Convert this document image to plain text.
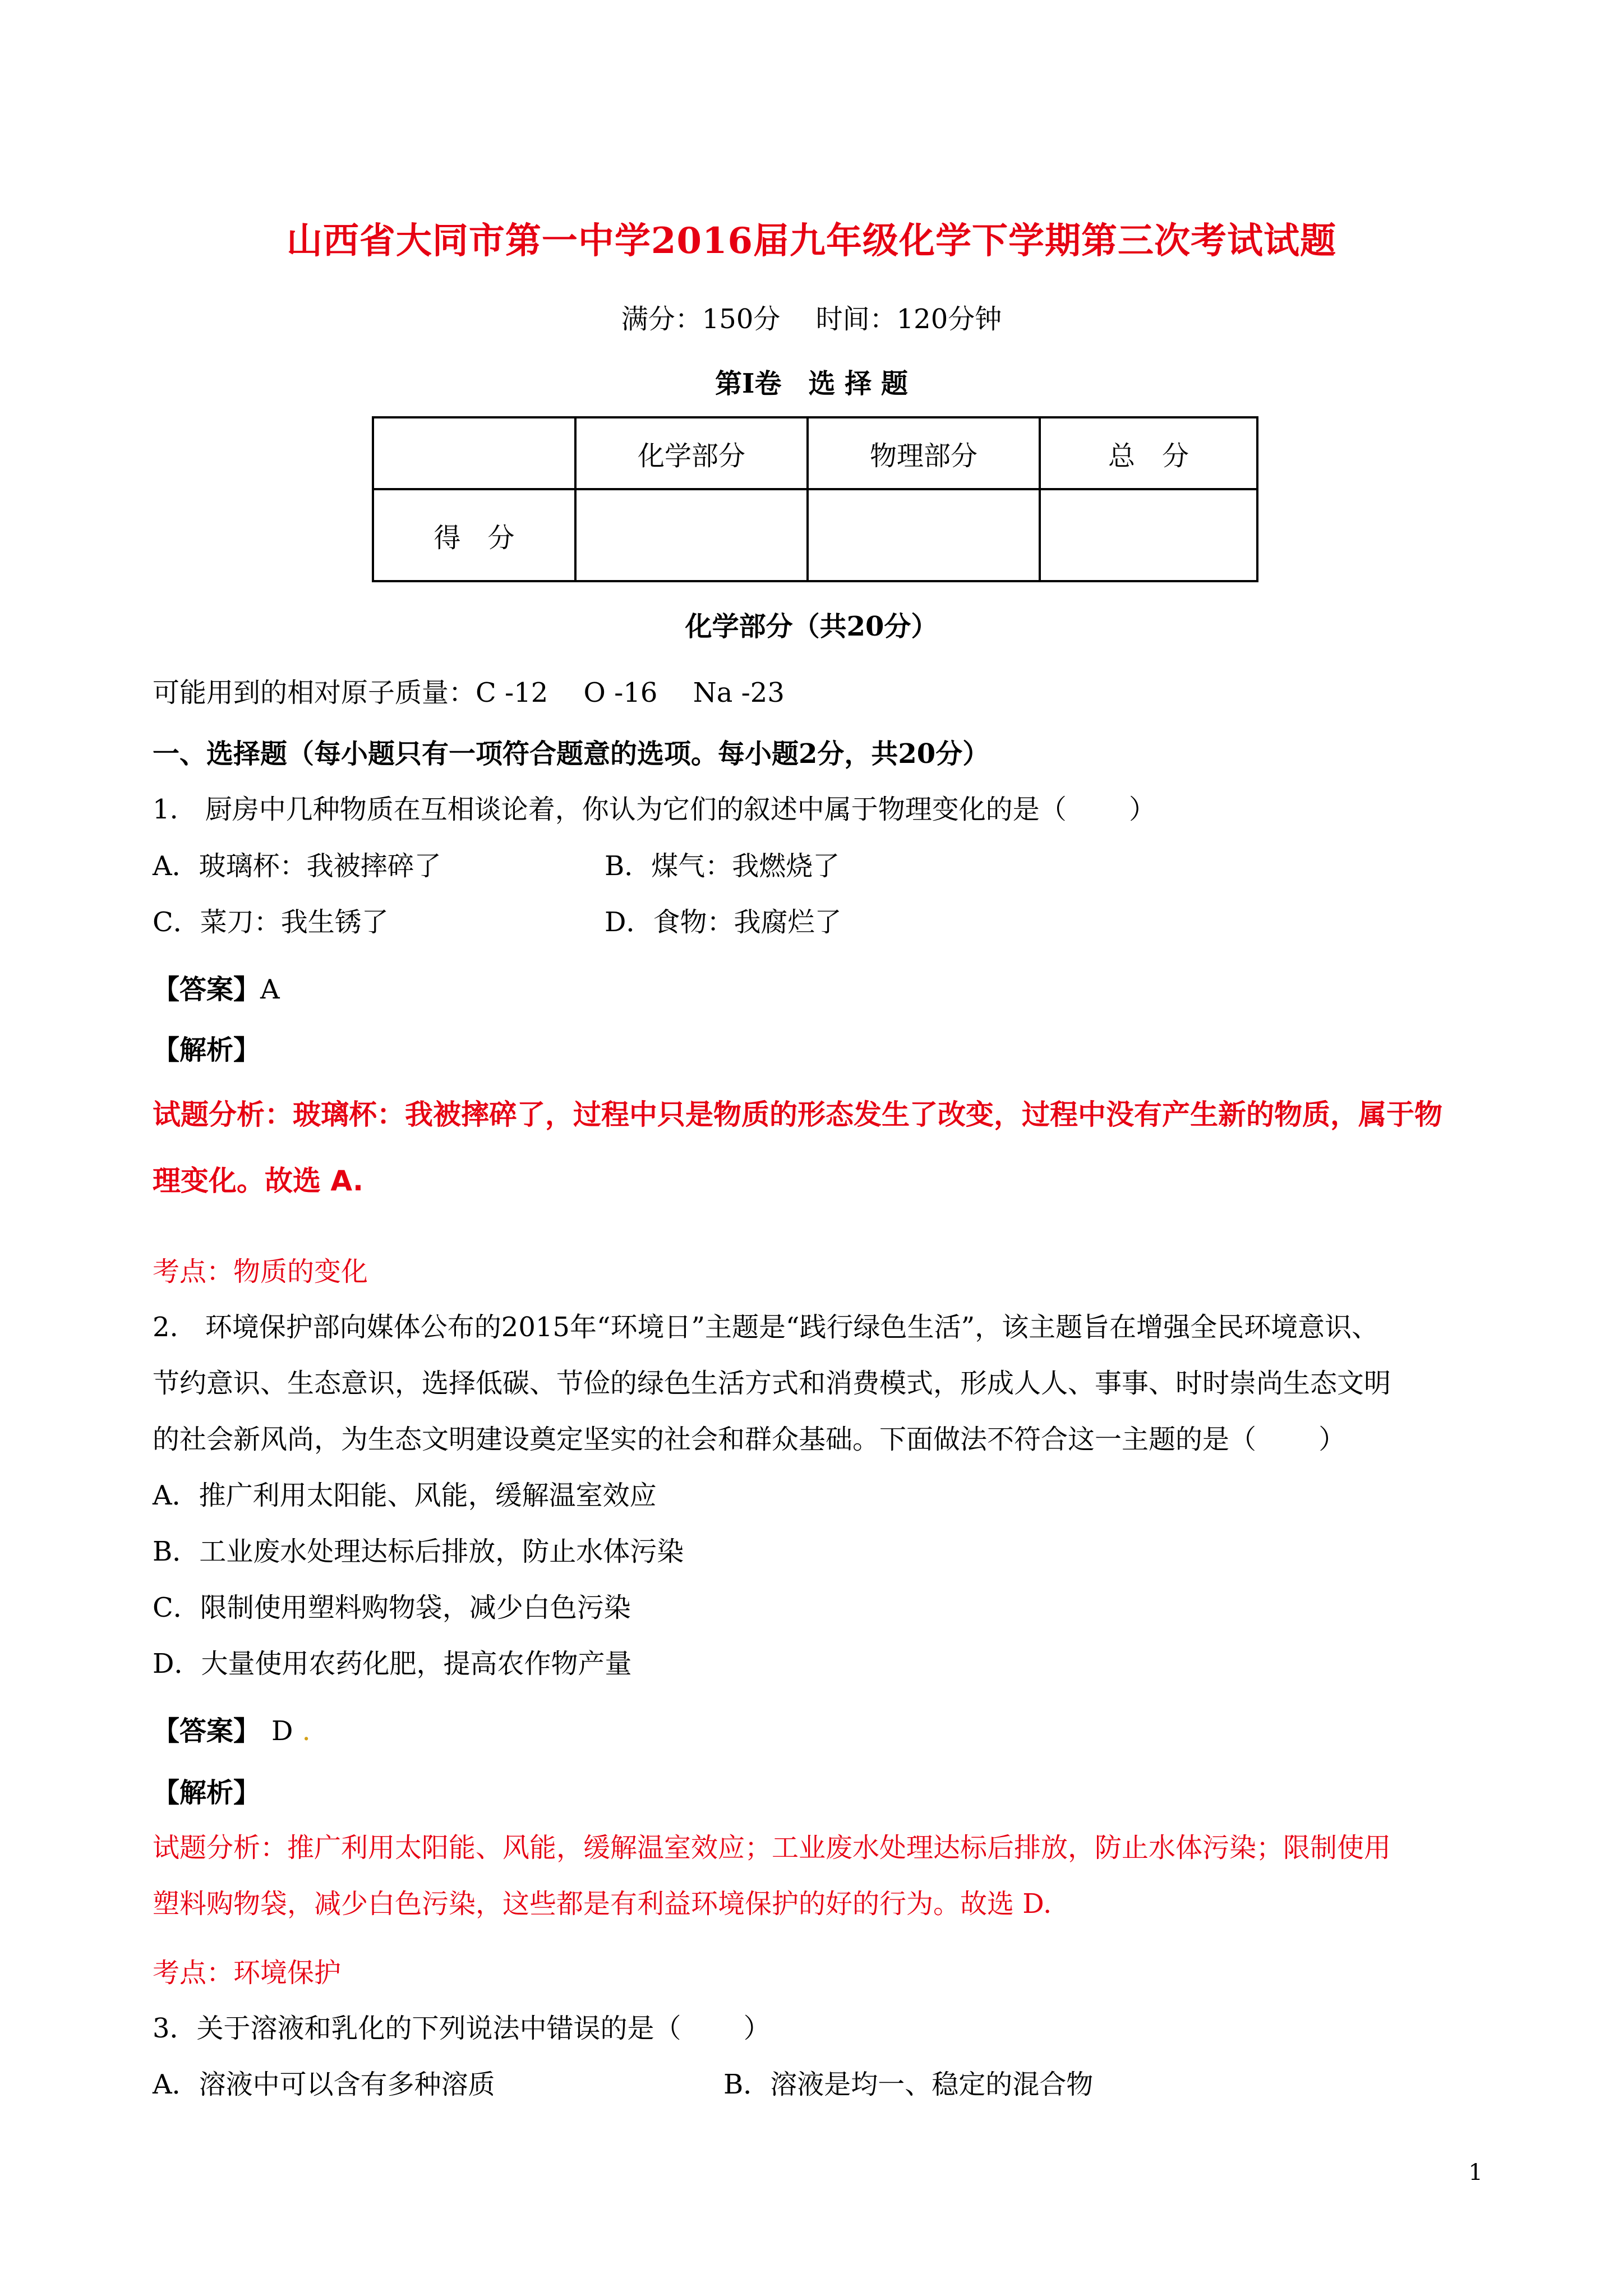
山西省大同市第一中学2016届九年级化学下学期第三次考试试题
满分：150分　 时间：120分钟
第Ⅰ卷　选 择 题
	化学部分	物理部分	总　分
得　分			
化学部分（共20分）
可能用到的相对原子质量：C -12　 O -16　 Na -23
一、选择题（每小题只有一项符合题意的选项。每小题2分，共20分）
1.　厨房中几种物质在互相谈论着，你认为它们的叙述中属于物理变化的是（　　 ）
A．玻璃杯：我被摔碎了	B．煤气：我燃烧了
C．菜刀：我生锈了	D．食物：我腐烂了
【答案】A
【解析】
试题分析：玻璃杯：我被摔碎了，过程中只是物质的形态发生了改变，过程中没有产生新的物质，属于物
理变化。故选 A.
考点：物质的变化
2.　环境保护部向媒体公布的2015年“环境日”主题是“践行绿色生活”，该主题旨在增强全民环境意识、
节约意识、生态意识，选择低碳、节俭的绿色生活方式和消费模式，形成人人、事事、时时崇尚生态文明
的社会新风尚，为生态文明建设奠定坚实的社会和群众基础。下面做法不符合这一主题的是（　　 ）
A．推广利用太阳能、风能，缓解温室效应
B．工业废水处理达标后排放，防止水体污染
C．限制使用塑料购物袋，减少白色污染
D．大量使用农药化肥，提高农作物产量
【答案】 D .
【解析】
试题分析：推广利用太阳能、风能，缓解温室效应；工业废水处理达标后排放，防止水体污染；限制使用
塑料购物袋，减少白色污染，这些都是有利益环境保护的好的行为。故选 D.
考点：环境保护
3．关于溶液和乳化的下列说法中错误的是（　　 ）
A．溶液中可以含有多种溶质	B．溶液是均一、稳定的混合物
1
